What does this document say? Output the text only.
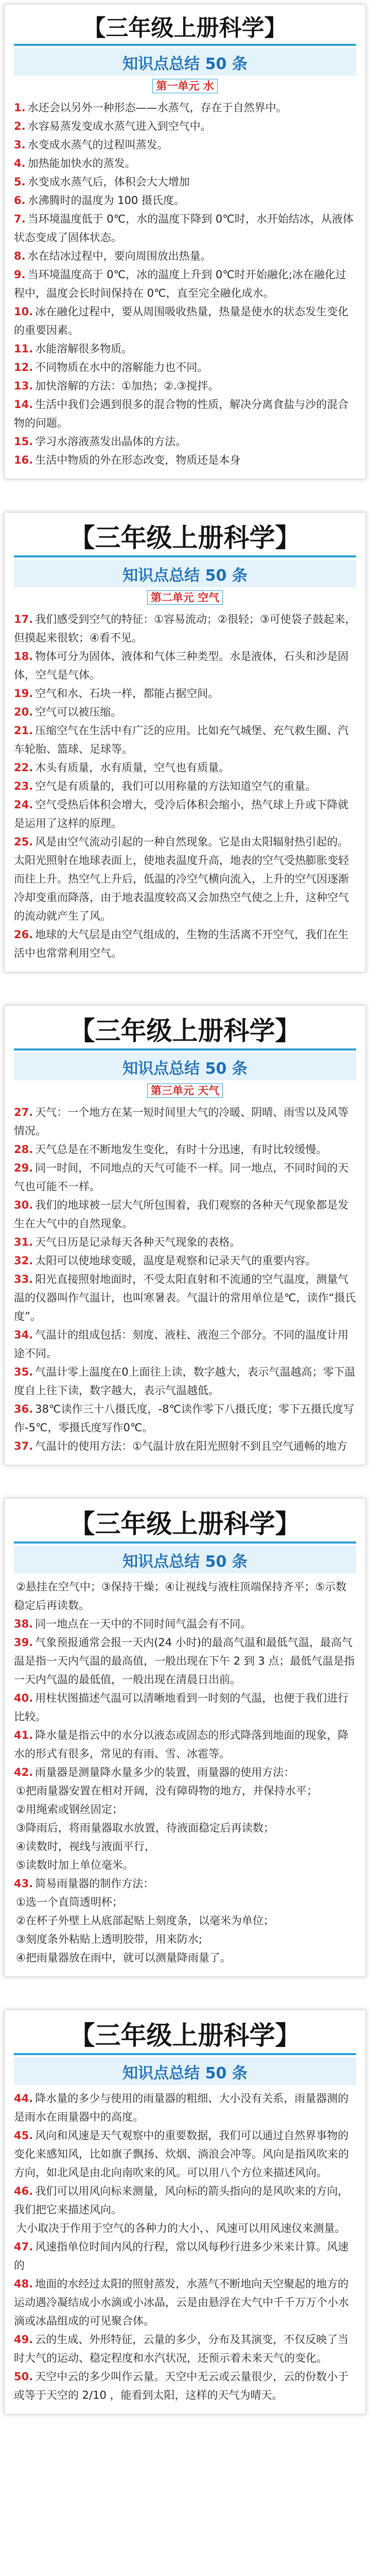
【三年级上册科学】
知识点总结 50 条
第一单元 水
1. 水还会以另外一种形态——水蒸气，存在于自然界中。
2. 水容易蒸发变成水蒸气进入到空气中。
3. 水变成水蒸气的过程叫蒸发。
4. 加热能加快水的蒸发。
5. 水变成水蒸气后，体积会大大增加
6. 水沸腾时的温度为 100 摄氏度。
7. 当环境温度低于 0℃，水的温度下降到 0℃时，水开始结冰，从液体状态变成了固体状态。
8. 水在结冰过程中，要向周围放出热量。
9. 当环境温度高于 0℃，冰的温度上升到 0℃时开始融化;冰在融化过程中，温度会长时间保持在 0℃，直至完全融化成水。
10. 冰在融化过程中，要从周围吸收热量，热量是使水的状态发生变化的重要因素。
11. 水能溶解很多物质。
12. 不同物质在水中的溶解能力也不同。
13. 加快溶解的方法：①加热；②.③搅拌。
14. 生活中我们会遇到很多的混合物的性质，解决分离食盐与沙的混合物的问题。
15. 学习水溶液蒸发出晶体的方法。
16. 生活中物质的外在形态改变，物质还是本身
【三年级上册科学】
知识点总结 50 条
第二单元 空气
17. 我们感受到空气的特征：①容易流动；②很轻；③可使袋子鼓起来，但摸起来很软；④看不见。
18. 物体可分为固体、液体和气体三种类型。水是液体，石头和沙是固体，空气是气体。
19. 空气和水、石块一样，都能占据空间。
20. 空气可以被压缩。
21. 压缩空气在生活中有广泛的应用。比如充气城堡、充气救生圈、汽车轮胎、篮球、足球等。
22. 木头有质量，水有质量，空气也有质量。
23. 空气是有质量的，我们可以用称量的方法知道空气的重量。
24. 空气受热后体积会增大，受冷后体积会缩小，热气球上升或下降就是运用了这样的原理。
25. 风是由空气流动引起的一种自然现象。它是由太阳辐射热引起的。太阳光照射在地球表面上，使地表温度升高，地表的空气受热膨胀变轻而往上升。热空气上升后，低温的冷空气横向流入，上升的空气因逐渐冷却变重而降落，由于地表温度较高又会加热空气使之上升，这种空气的流动就产生了风。
26. 地球的大气层是由空气组成的，生物的生活离不开空气，我们在生活中也常常利用空气。
【三年级上册科学】
知识点总结 50 条
第三单元 天气
27. 天气：一个地方在某一短时间里大气的冷暖、阴晴、雨雪以及风等情况。
28. 天气总是在不断地发生变化，有时十分迅速，有时比较缓慢。
29. 同一时间，不同地点的天气可能不一样。同一地点，不同时间的天气也可能不一样。
30. 我们的地球被一层大气所包围着，我们观察的各种天气现象都是发生在大气中的自然现象。
31. 天气日历是记录每天各种天气现象的表格。
32. 太阳可以使地球变暖，温度是观察和记录天气的重要内容。
33. 阳光直接照射地面时，不受太阳直射和不流通的空气温度，测量气温的仪器叫作气温计，也叫寒暑表。气温计的常用单位是℃，读作“摄氏度”。
34. 气温计的组成包括：刻度、液柱、液泡三个部分。不同的温度计用途不同。
35. 气温计零上温度在0上面往上读，数字越大，表示气温越高；零下温度自上往下读，数字越大，表示气温越低。
36. 38℃读作三十八摄氏度，-8℃读作零下八摄氏度；零下五摄氏度写作-5℃，零摄氏度写作0℃。
37. 气温计的使用方法：①气温计放在阳光照射不到且空气通畅的地方
【三年级上册科学】
知识点总结 50 条
②悬挂在空气中；③保持干燥；④让视线与液柱顶端保持齐平；⑤示数稳定后再读数。
38. 同一地点在一天中的不同时间气温会有不同。
39. 气象预报通常会报一天内(24 小时)的最高气温和最低气温，最高气温是指一天内气温的最高值，一般出现在下午 2 到 3 点；最低气温是指一天内气温的最低值，一般出现在清晨日出前。
40. 用柱状图描述气温可以清晰地看到一时刻的气温，也便于我们进行比较。
41. 降水量是指云中的水分以液态或固态的形式降落到地面的现象，降水的形式有很多，常见的有雨、雪、冰雹等。
42. 雨量器是测量降水量多少的装置，雨量器的使用方法：
①把雨量器安置在相对开阔，没有障碍物的地方，并保持水平；
②用绳索或钢丝固定；
③降雨后，将雨量器取水放置，待液面稳定后再读数；
④读数时，视线与液面平行，
⑤读数时加上单位毫米。
43. 简易雨量器的制作方法：
①选一个直筒透明杯；
②在杯子外壁上从底部起贴上刻度条，以毫米为单位；
③刻度条外粘贴上透明胶带，用来防水;
④把雨量器放在雨中，就可以测量降雨量了。
【三年级上册科学】
知识点总结 50 条
44. 降水量的多少与使用的雨量器的粗细、大小没有关系，雨量器测的是雨水在雨量器中的高度。
45. 风向和风速是天气观察中的重要数据，我们可以通过自然界事物的变化来感知风，比如旗子飘扬、炊烟、淌浪会冲等。风向是指风吹来的方向，如北风是由北向南吹来的风。可以用八个方位来描述风向。
46. 我们可以用风向标来测量，风向标的箭头指向的是风吹来的方向，我们把它来描述风向。
大小取决于作用于空气的各种力的大小，、风速可以用风速仪来测量。
47. 风速指单位时间内风的行程，常以风每秒行进多少米来计算。风速的
48. 地面的水经过太阳的照射蒸发，水蒸气不断地向天空聚起的地方的运动遇冷凝结成小水滴或小冰晶，云是由悬浮在大气中千千万万个小水滴或冰晶组成的可见聚合体。
49. 云的生成、外形特征，云量的多少，分布及其演变，不仅反映了当时大气的运动、稳定程度和水汽状况，还预示着未来天气的变化。
50. 天空中云的多少叫作云量。天空中无云或云量很少，云的份数小于或等于天空的 2/10 ，能看到太阳，这样的天气为晴天。
